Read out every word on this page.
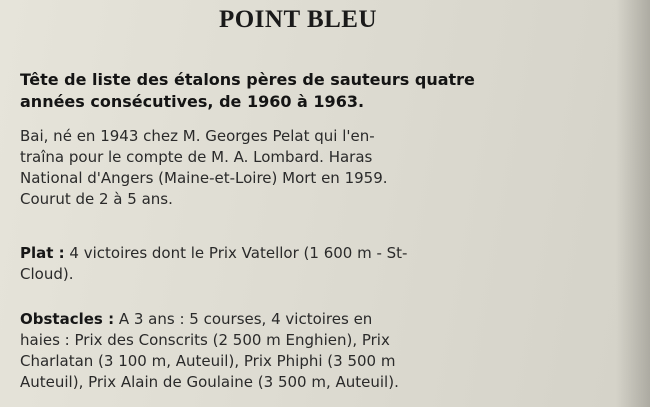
POINT BLEU
Tête de liste des étalons pères de sauteurs quatre
années consécutives, de 1960 à 1963.
Bai, né en 1943 chez M. Georges Pelat qui l'en-
traîna pour le compte de M. A. Lombard. Haras
National d'Angers (Maine-et-Loire) Mort en 1959.
Courut de 2 à 5 ans.
Plat : 4 victoires dont le Prix Vatellor (1 600 m - St-
Cloud).
Obstacles : A 3 ans : 5 courses, 4 victoires en
haies : Prix des Conscrits (2 500 m Enghien), Prix
Charlatan (3 100 m, Auteuil), Prix Phiphi (3 500 m
Auteuil), Prix Alain de Goulaine (3 500 m, Auteuil).
